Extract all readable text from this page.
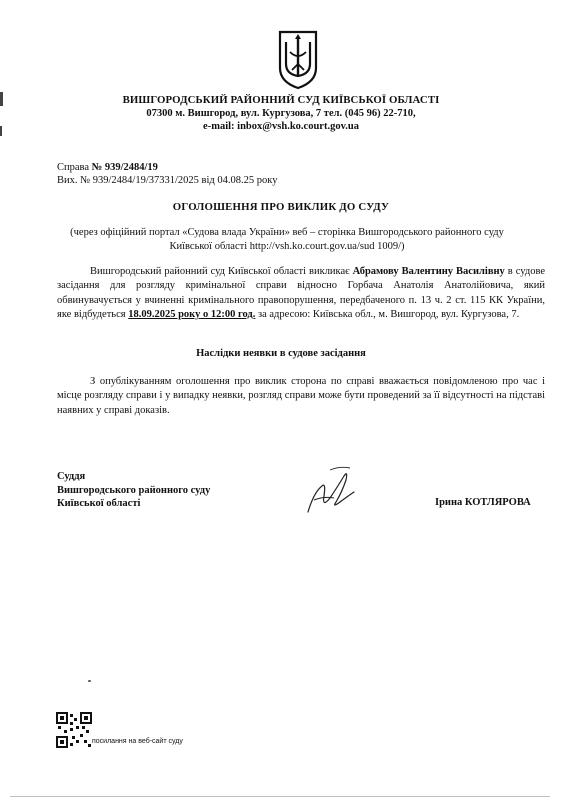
ВИШГОРОДСЬКИЙ РАЙОННИЙ СУД КИЇВСЬКОЇ ОБЛАСТІ
07300 м. Вишгород, вул. Кургузова, 7 тел. (045 96) 22-710,
e-mail: inbox@vsh.ko.court.gov.ua
Справа № 939/2484/19
Вих. № 939/2484/19/37331/2025 від 04.08.25 року
ОГОЛОШЕННЯ ПРО ВИКЛИК ДО СУДУ
(через офіційний портал «Судова влада України» веб – сторінка Вишгородського районного суду Київської області http://vsh.ko.court.gov.ua/sud 1009/)

Вишгородський районний суд Київської області викликає Абрамову Валентину Василівну в судове засідання для розгляду кримінальної справи відносно Горбача Анатолія Анатолійовича, який обвинувачується у вчиненні кримінального правопорушення, передбаченого п. 13 ч. 2 ст. 115 КК України, яке відбудеться 18.09.2025 року о 12:00 год. за адресою: Київська обл., м. Вишгород, вул. Кургузова, 7.

Наслідки неявки в судове засідання

З опублікуванням оголошення про виклик сторона по справі вважається повідомленою про час і місце розгляду справи і у випадку неявки, розгляд справи може бути проведений за її відсутності на підставі наявних у справі доказів.

Суддя
Вишгородського районного суду
Київської області	Ірина КОТЛЯРОВА
посилання на веб-сайт суду
